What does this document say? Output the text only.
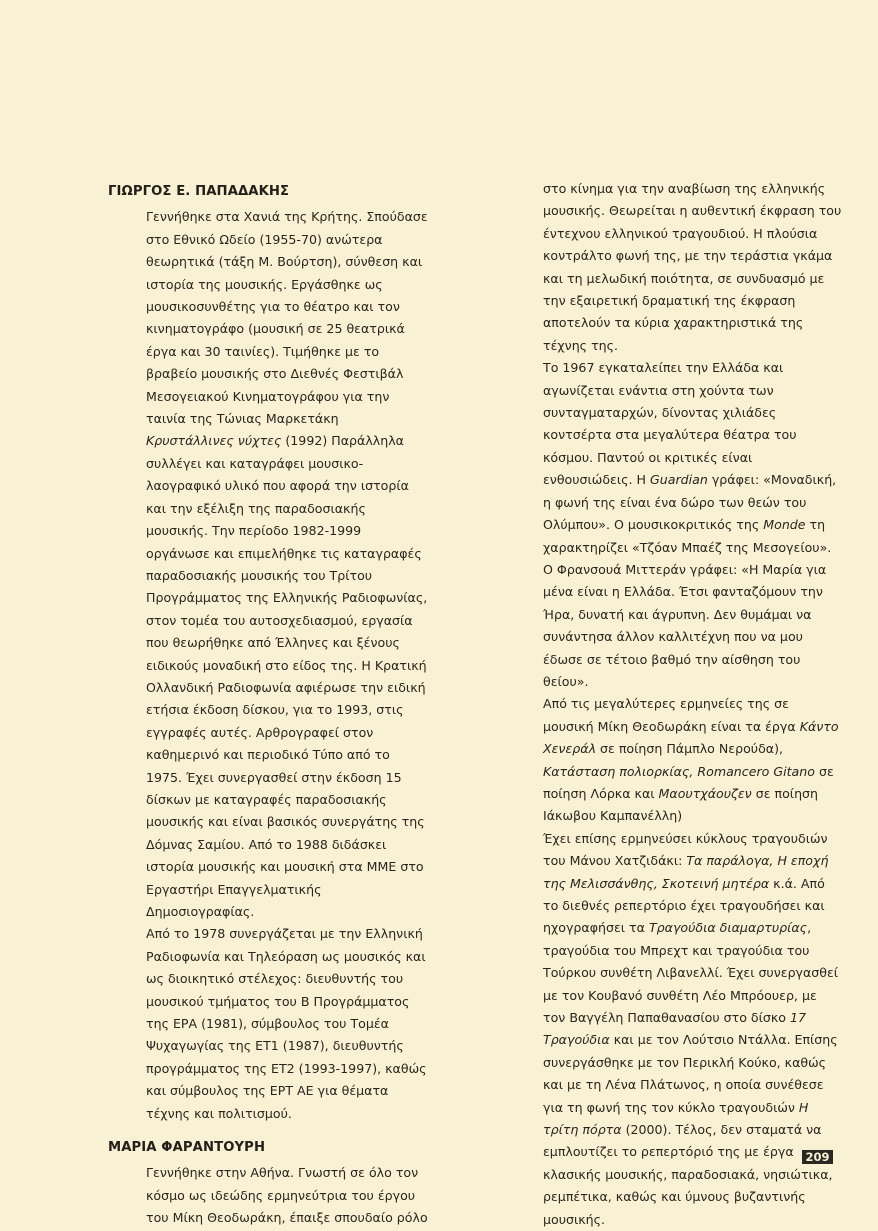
ΓΙΩΡΓΟΣ Ε. ΠΑΠΑΔΑΚΗΣ

Γεννήθηκε στα Χανιά της Κρήτης. Σπούδασε στο Εθνικό Ωδείο (1955-70) ανώτερα θεωρητικά (τάξη Μ. Βούρτση), σύνθεση και ιστορία της μουσικής. Εργάσθηκε ως μουσικοσυνθέτης για το θέατρο και τον κινηματογράφο (μουσική σε 25 θεατρικά έργα και 30 ταινίες). Τιμήθηκε με το βραβείο μουσικής στο Διεθνές Φεστιβάλ Μεσογειακού Κινηματογράφου για την ταινία της Τώνιας Μαρκετάκη Κρυστάλλινες νύχτες (1992) Παράλληλα συλλέγει και καταγράφει μουσικο-λαογραφικό υλικό που αφορά την ιστορία και την εξέλιξη της παραδοσιακής μουσικής. Την περίοδο 1982-1999 οργάνωσε και επιμελήθηκε τις καταγραφές παραδοσιακής μουσικής του Τρίτου Προγράμματος της Ελληνικής Ραδιοφωνίας, στον τομέα του αυτοσχεδιασμού, εργασία που θεωρήθηκε από Έλληνες και ξένους ειδικούς μοναδική στο είδος της. Η Κρατική Ολλανδική Ραδιοφωνία αφιέρωσε την ειδική ετήσια έκδοση δίσκου, για το 1993, στις εγγραφές αυτές. Αρθρογραφεί στον καθημερινό και περιοδικό Τύπο από το 1975. Έχει συνεργασθεί στην έκδοση 15 δίσκων με καταγραφές παραδοσιακής μουσικής και είναι βασικός συνεργάτης της Δόμνας Σαμίου. Από το 1988 διδάσκει ιστορία μουσικής και μουσική στα ΜΜΕ στο Εργαστήρι Επαγγελματικής Δημοσιογραφίας.

Από το 1978 συνεργάζεται με την Ελληνική Ραδιοφωνία και Τηλεόραση ως μουσικός και ως διοικητικό στέλεχος: διευθυντής του μουσικού τμήματος του Β Προγράμματος της ΕΡΑ (1981), σύμβουλος του Τομέα Ψυχαγωγίας της ΕΤ1 (1987), διευθυντής προγράμματος της ΕΤ2 (1993-1997), καθώς και σύμβουλος της ΕΡΤ ΑΕ για θέματα τέχνης και πολιτισμού.

ΜΑΡΙΑ ΦΑΡΑΝΤΟΥΡΗ

Γεννήθηκε στην Αθήνα. Γνωστή σε όλο τον κόσμο ως ιδεώδης ερμηνεύτρια του έργου του Μίκη Θεοδωράκη, έπαιξε σπουδαίο ρόλο

στο κίνημα για την αναβίωση της ελληνικής μουσικής. Θεωρείται η αυθεντική έκφραση του έντεχνου ελληνικού τραγουδιού. Η πλούσια κοντράλτο φωνή της, με την τεράστια γκάμα και τη μελωδική ποιότητα, σε συνδυασμό με την εξαιρετική δραματική της έκφραση αποτελούν τα κύρια χαρακτηριστικά της τέχνης της.

Το 1967 εγκαταλείπει την Ελλάδα και αγωνίζεται ενάντια στη χούντα των συνταγματαρχών, δίνοντας χιλιάδες κοντσέρτα στα μεγαλύτερα θέατρα του κόσμου. Παντού οι κριτικές είναι ενθουσιώδεις. Η Guardian γράφει: «Μοναδική, η φωνή της είναι ένα δώρο των θεών του Ολύμπου». Ο μουσικοκριτικός της Monde τη χαρακτηρίζει «Τζόαν Μπαέζ της Μεσογείου». Ο Φρανσουά Μιττεράν γράφει: «Η Μαρία για μένα είναι η Ελλάδα. Έτσι φανταζόμουν την Ήρα, δυνατή και άγρυπνη. Δεν θυμάμαι να συνάντησα άλλον καλλιτέχνη που να μου έδωσε σε τέτοιο βαθμό την αίσθηση του θείου».

Από τις μεγαλύτερες ερμηνείες της σε μουσική Μίκη Θεοδωράκη είναι τα έργα Κάντο Χενεράλ σε ποίηση Πάμπλο Νερούδα), Κατάσταση πολιορκίας, Romancero Gitano σε ποίηση Λόρκα και Μαουτχάουζεν σε ποίηση Ιάκωβου Καμπανέλλη)

Έχει επίσης ερμηνεύσει κύκλους τραγουδιών του Μάνου Χατζιδάκι: Τα παράλογα, Η εποχή της Μελισσάνθης, Σκοτεινή μητέρα κ.ά. Από το διεθνές ρεπερτόριο έχει τραγουδήσει και ηχογραφήσει τα Τραγούδια διαμαρτυρίας, τραγούδια του Μπρεχτ και τραγούδια του Τούρκου συνθέτη Λιβανελλί. Έχει συνεργασθεί με τον Κουβανό συνθέτη Λέο Μπρόουερ, με τον Βαγγέλη Παπαθανασίου στο δίσκο 17 Τραγούδια και με τον Λούτσιο Ντάλλα. Επίσης συνεργάσθηκε με τον Περικλή Κούκο, καθώς και με τη Λένα Πλάτωνος, η οποία συνέθεσε για τη φωνή της τον κύκλο τραγουδιών Η τρίτη πόρτα (2000). Τέλος, δεν σταματά να εμπλουτίζει το ρεπερτόριό της με έργα κλασικής μουσικής, παραδοσιακά, νησιώτικα, ρεμπέτικα, καθώς και ύμνους βυζαντινής μουσικής.

209
